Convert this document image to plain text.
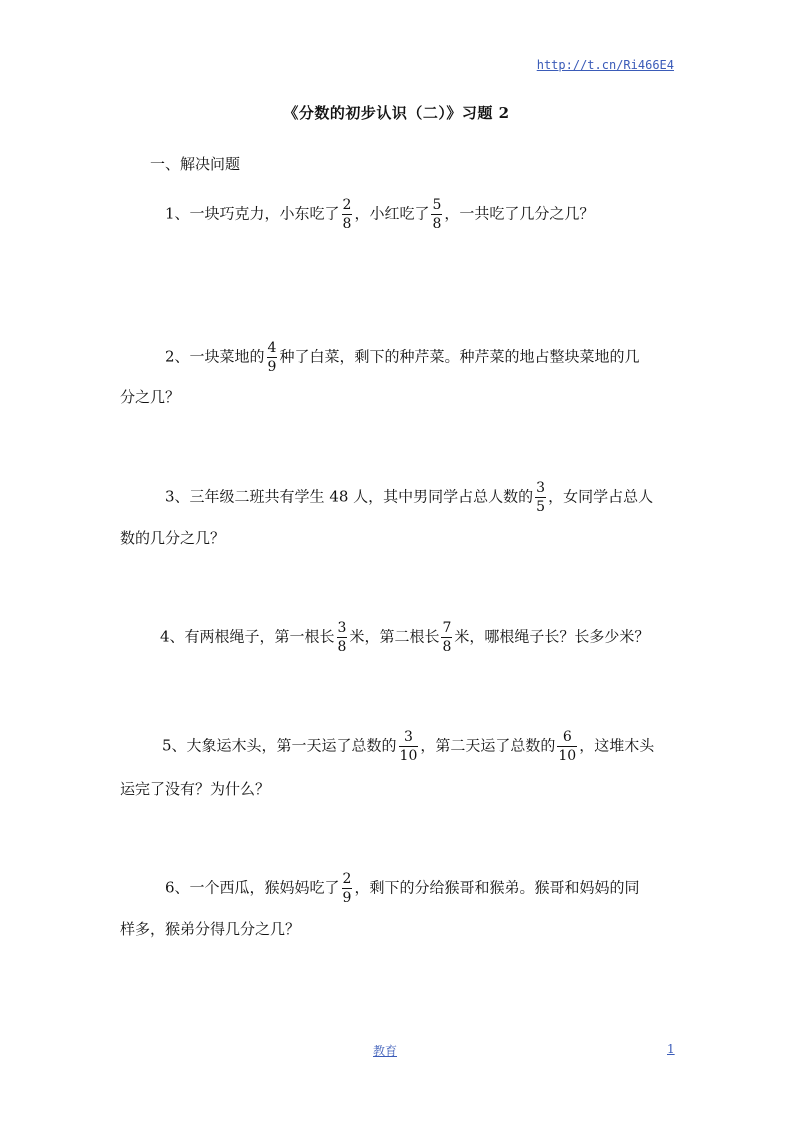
http://t.cn/Ri466E4
《分数的初步认识（二）》习题 2
一、解决问题
1、一块巧克力，小东吃了 $\frac{2}{8}$ ，小红吃了 $\frac{5}{8}$ ，一共吃了几分之几？
2、一块菜地的 $\frac{4}{9}$ 种了白菜，剩下的种芹菜。种芹菜的地占整块菜地的几
分之几？
3、三年级二班共有学生 48 人，其中男同学占总人数的 $\frac{3}{5}$ ，女同学占总人
数的几分之几？
4、有两根绳子，第一根长 $\frac{3}{8}$ 米，第二根长 $\frac{7}{8}$ 米，哪根绳子长？长多少米？
5、大象运木头，第一天运了总数的 $\frac{3}{10}$ ，第二天运了总数的 $\frac{6}{10}$ ，这堆木头
运完了没有？为什么？
6、一个西瓜，猴妈妈吃了 $\frac{2}{9}$ ，剩下的分给猴哥和猴弟。猴哥和妈妈的同
样多，猴弟分得几分之几？
教育	1
